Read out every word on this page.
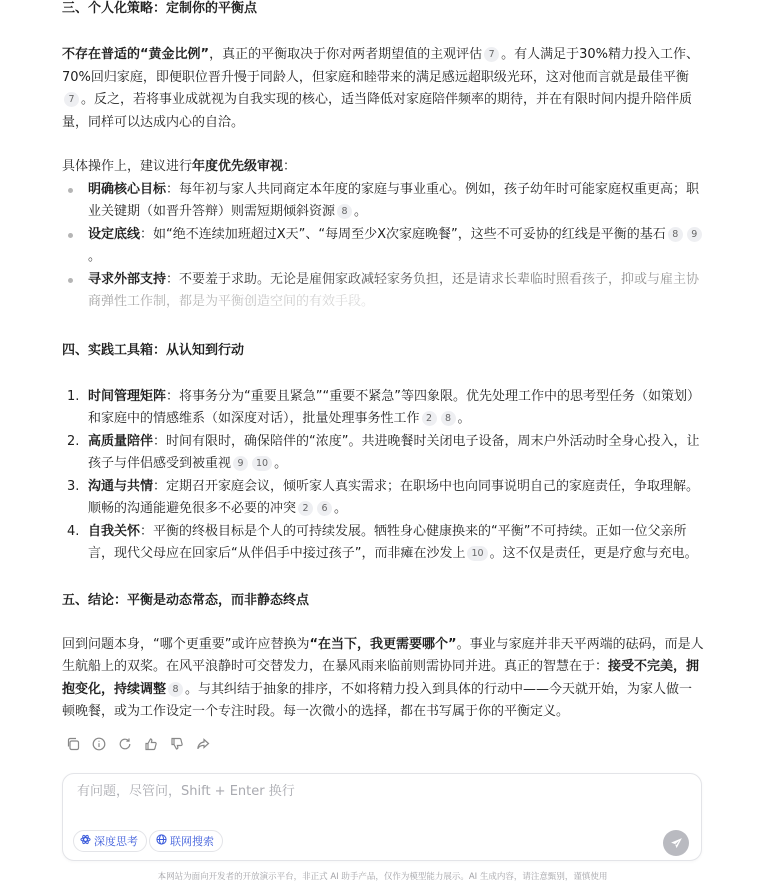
三、个人化策略：定制你的平衡点

不存在普适的“黄金比例”，真正的平衡取决于你对两者期望值的主观评估 7 。有人满足于30%精力投入工作、70%回归家庭，即便职位晋升慢于同龄人，但家庭和睦带来的满足感远超职级光环，这对他而言就是最佳平衡7 。反之，若将事业成就视为自我实现的核心，适当降低对家庭陪伴频率的期待，并在有限时间内提升陪伴质量，同样可以达成内心的自洽。

具体操作上，建议进行年度优先级审视：

明确核心目标：每年初与家人共同商定本年度的家庭与事业重心。例如，孩子幼年时可能家庭权重更高；职业关键期（如晋升答辩）则需短期倾斜资源 8 。
设定底线：如“绝不连续加班超过X天”、“每周至少X次家庭晚餐”，这些不可妥协的红线是平衡的基石 8 9。
寻求外部支持：不要羞于求助。无论是雇佣家政减轻家务负担，还是请求长辈临时照看孩子，抑或与雇主协商弹性工作制，都是为平衡创造空间的有效手段。
四、实践工具箱：从认知到行动
1. 时间管理矩阵：将事务分为“重要且紧急”“重要不紧急”等四象限。优先处理工作中的思考型任务（如策划）和家庭中的情感维系（如深度对话），批量处理事务性工作 2 8 。
2. 高质量陪伴：时间有限时，确保陪伴的“浓度”。共进晚餐时关闭电子设备，周末户外活动时全身心投入，让孩子与伴侣感受到被重视 9 10 。
3. 沟通与共情：定期召开家庭会议，倾听家人真实需求；在职场中也向同事说明自己的家庭责任，争取理解。顺畅的沟通能避免很多不必要的冲突 2 6 。
4. 自我关怀：平衡的终极目标是个人的可持续发展。牺牲身心健康换来的“平衡”不可持续。正如一位父亲所言，现代父母应在回家后“从伴侣手中接过孩子”，而非瘫在沙发上 10 。这不仅是责任，更是疗愈与充电。
五、结论：平衡是动态常态，而非静态终点

回到问题本身，“哪个更重要”或许应替换为“在当下，我更需要哪个”。事业与家庭并非天平两端的砝码，而是人生航船上的双桨。在风平浪静时可交替发力，在暴风雨来临前则需协同并进。真正的智慧在于：接受不完美，拥抱变化，持续调整 8 。与其纠结于抽象的排序，不如将精力投入到具体的行动中——今天就开始，为家人做一顿晚餐，或为工作设定一个专注时段。每一次微小的选择，都在书写属于你的平衡定义。

有问题，尽管问，Shift + Enter 换行
深度思考	联网搜索
本网站为面向开发者的开放演示平台，非正式 AI 助手产品，仅作为模型能力展示。AI 生成内容，请注意甄别，谨慎使用
